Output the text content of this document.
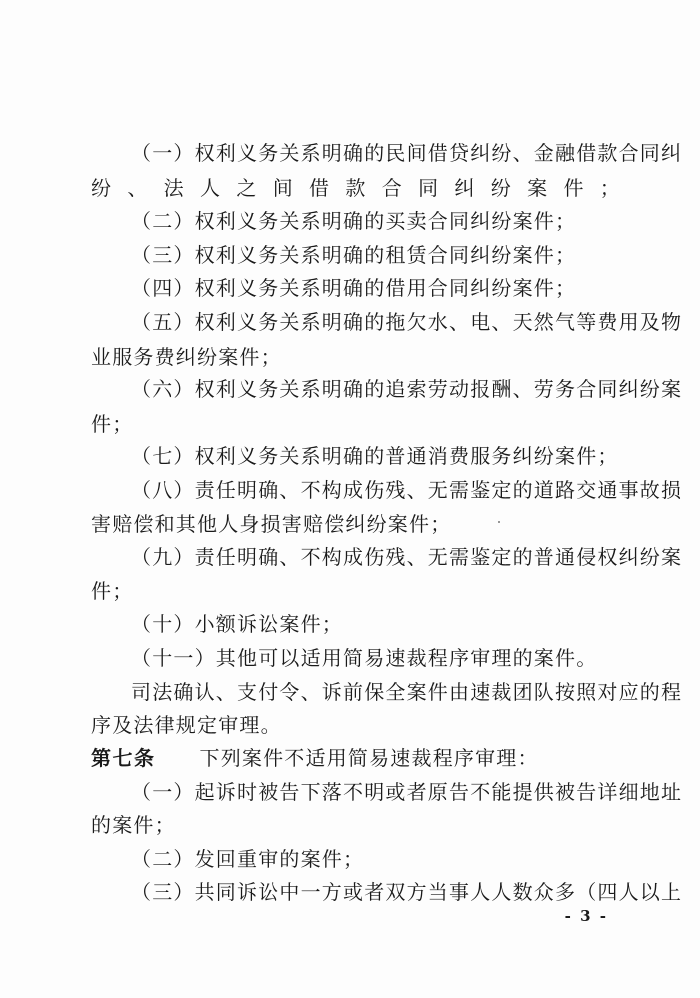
（一）权利义务关系明确的民间借贷纠纷、金融借款合同纠
纷、法人之间借款合同纠纷案件；
（二）权利义务关系明确的买卖合同纠纷案件；
（三）权利义务关系明确的租赁合同纠纷案件；
（四）权利义务关系明确的借用合同纠纷案件；
（五）权利义务关系明确的拖欠水、电、天然气等费用及物
业服务费纠纷案件；
（六）权利义务关系明确的追索劳动报酬、劳务合同纠纷案
件；
（七）权利义务关系明确的普通消费服务纠纷案件；
（八）责任明确、不构成伤残、无需鉴定的道路交通事故损
害赔偿和其他人身损害赔偿纠纷案件；
（九）责任明确、不构成伤残、无需鉴定的普通侵权纠纷案
件；
（十）小额诉讼案件；
（十一）其他可以适用简易速裁程序审理的案件。
司法确认、支付令、诉前保全案件由速裁团队按照对应的程
序及法律规定审理。
第七条 下列案件不适用简易速裁程序审理：
（一）起诉时被告下落不明或者原告不能提供被告详细地址
的案件；
（二）发回重审的案件；
（三）共同诉讼中一方或者双方当事人人数众多（四人以上
- 3 -
